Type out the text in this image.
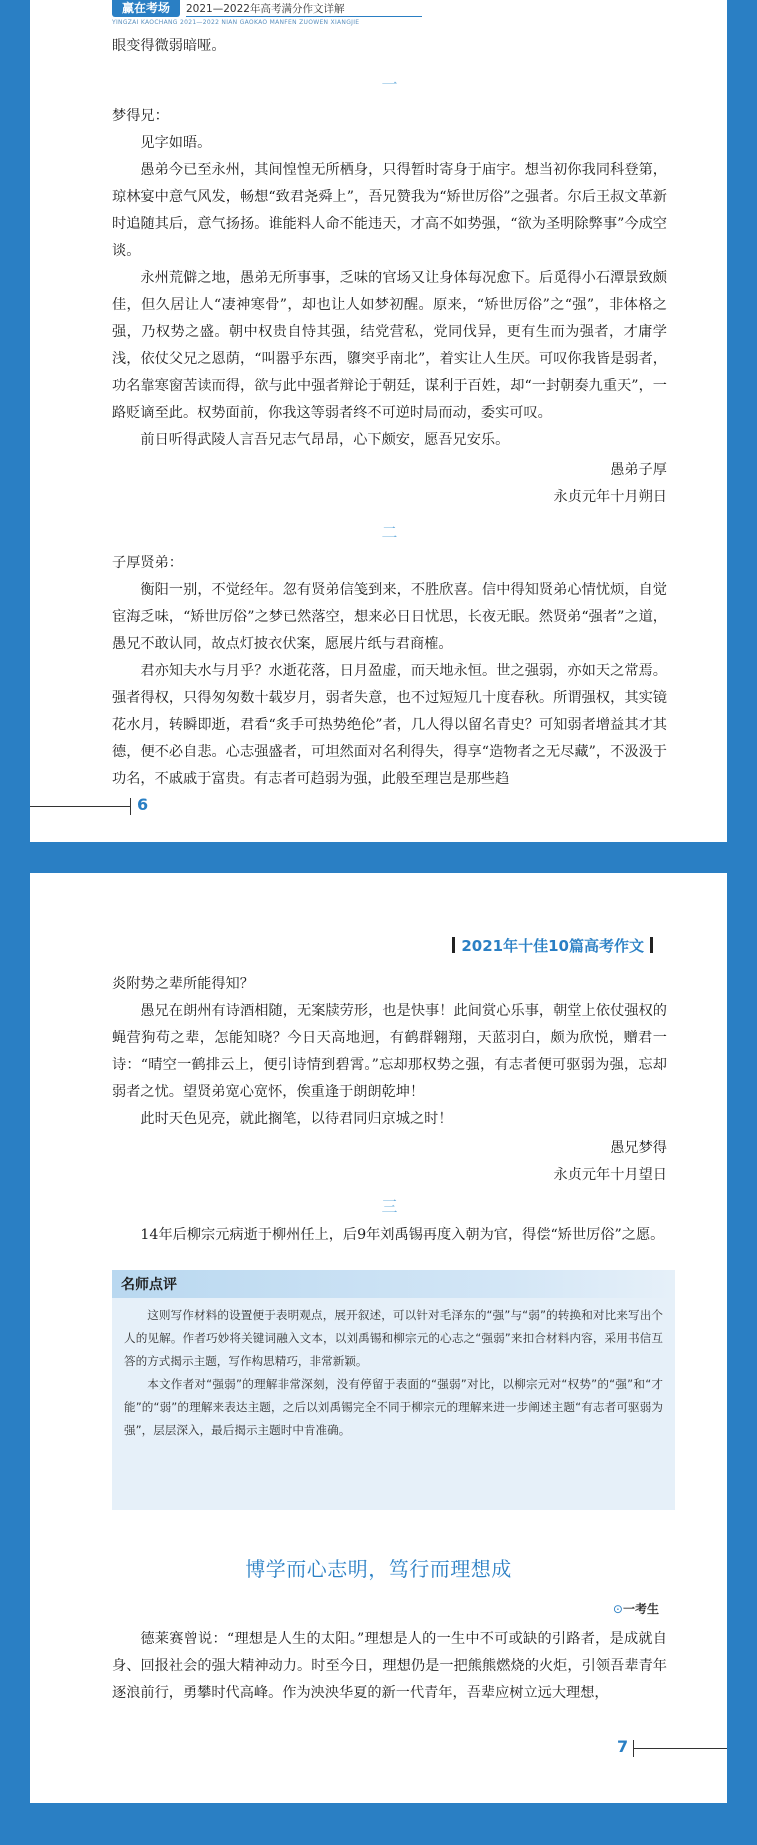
赢在考场	2021—2022年高考满分作文详解
YINGZAI KAOCHANG 2021—2022 NIAN GAOKAO MANFEN ZUOWEN XIANGJIE

眼变得微弱暗哑。

一

梦得兄：

见字如晤。

愚弟今已至永州，其间惶惶无所栖身，只得暂时寄身于庙宇。想当初你我同科登第，琼林宴中意气风发，畅想“致君尧舜上”，吾兄赞我为“矫世厉俗”之强者。尔后王叔文革新时追随其后，意气扬扬。谁能料人命不能违天，才高不如势强，“欲为圣明除弊事”今成空谈。

永州荒僻之地，愚弟无所事事，乏味的官场又让身体每况愈下。后觅得小石潭景致颇佳，但久居让人“凄神寒骨”，却也让人如梦初醒。原来，“矫世厉俗”之“强”，非体格之强，乃权势之盛。朝中权贵自恃其强，结党营私，党同伐异，更有生而为强者，才庸学浅，依仗父兄之恩荫，“叫嚣乎东西，隳突乎南北”，着实让人生厌。可叹你我皆是弱者，功名靠寒窗苦读而得，欲与此中强者辩论于朝廷，谋利于百姓，却“一封朝奏九重天”，一路贬谪至此。权势面前，你我这等弱者终不可逆时局而动，委实可叹。

前日听得武陵人言吾兄志气昂昂，心下颇安，愿吾兄安乐。

愚弟子厚

永贞元年十月朔日

二

子厚贤弟：

衡阳一别，不觉经年。忽有贤弟信笺到来，不胜欣喜。信中得知贤弟心情忧烦，自觉宦海乏味，“矫世厉俗”之梦已然落空，想来必日日忧思，长夜无眠。然贤弟“强者”之道，愚兄不敢认同，故点灯披衣伏案，愿展片纸与君商榷。

君亦知夫水与月乎？水逝花落，日月盈虚，而天地永恒。世之强弱，亦如天之常焉。强者得权，只得匆匆数十载岁月，弱者失意，也不过短短几十度春秋。所谓强权，其实镜花水月，转瞬即逝，君看“炙手可热势绝伦”者，几人得以留名青史？可知弱者增益其才其德，便不必自悲。心志强盛者，可坦然面对名利得失，得享“造物者之无尽藏”，不汲汲于功名，不戚戚于富贵。有志者可趋弱为强，此般至理岂是那些趋

6
2021年十佳10篇高考作文

炎附势之辈所能得知？

愚兄在朗州有诗酒相随，无案牍劳形，也是快事！此间赏心乐事，朝堂上依仗强权的蝇营狗苟之辈，怎能知晓？今日天高地迥，有鹤群翱翔，天蓝羽白，颇为欣悦，赠君一诗：“晴空一鹤排云上，便引诗情到碧霄。”忘却那权势之强，有志者便可驱弱为强，忘却弱者之忧。望贤弟宽心宽怀，俟重逢于朗朗乾坤！

此时天色见亮，就此搁笔，以待君同归京城之时！

愚兄梦得

永贞元年十月望日

三

14年后柳宗元病逝于柳州任上，后9年刘禹锡再度入朝为官，得偿“矫世厉俗”之愿。

名师点评

这则写作材料的设置便于表明观点，展开叙述，可以针对毛泽东的“强”与“弱”的转换和对比来写出个人的见解。作者巧妙将关键词融入文本，以刘禹锡和柳宗元的心志之“强弱”来扣合材料内容，采用书信互答的方式揭示主题，写作构思精巧，非常新颖。

本文作者对“强弱”的理解非常深刻，没有停留于表面的“强弱”对比，以柳宗元对“权势”的“强”和“才能”的“弱”的理解来表达主题，之后以刘禹锡完全不同于柳宗元的理解来进一步阐述主题“有志者可驱弱为强”，层层深入，最后揭示主题时中肯准确。

博学而心志明，笃行而理想成
⊙一考生

德莱赛曾说：“理想是人生的太阳。”理想是人的一生中不可或缺的引路者，是成就自身、回报社会的强大精神动力。时至今日，理想仍是一把熊熊燃烧的火炬，引领吾辈青年逐浪前行，勇攀时代高峰。作为泱泱华夏的新一代青年，吾辈应树立远大理想，

7
